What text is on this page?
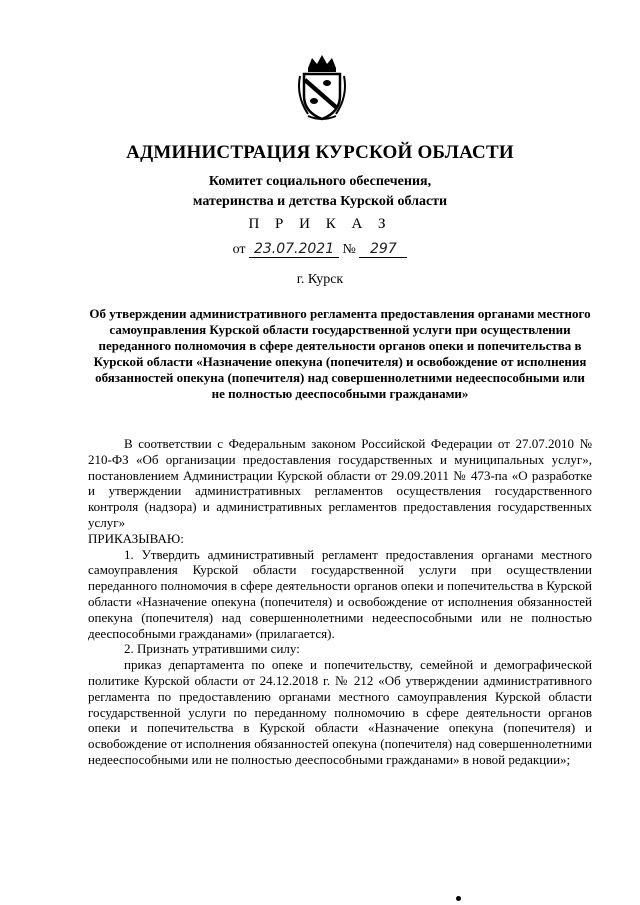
АДМИНИСТРАЦИЯ КУРСКОЙ ОБЛАСТИ
Комитет социального обеспечения,
материнства и детства Курской области
П Р И К А З
от 23.07.2021 № 297
г. Курск
Об утверждении административного регламента предоставления органами местного самоуправления Курской области государственной услуги при осуществлении переданного полномочия в сфере деятельности органов опеки и попечительства в Курской области «Назначение опекуна (попечителя) и освобождение от исполнения обязанностей опекуна (попечителя) над совершеннолетними недееспособными или не полностью дееспособными гражданами»

В соответствии с Федеральным законом Российской Федерации от 27.07.2010 № 210-ФЗ «Об организации предоставления государственных и муниципальных услуг», постановлением Администрации Курской области от 29.09.2011 № 473-па «О разработке и утверждении административных регламентов осуществления государственного контроля (надзора) и административных регламентов предоставления государственных услуг»

ПРИКАЗЫВАЮ:

1. Утвердить административный регламент предоставления органами местного самоуправления Курской области государственной услуги при осуществлении переданного полномочия в сфере деятельности органов опеки и попечительства в Курской области «Назначение опекуна (попечителя) и освобождение от исполнения обязанностей опекуна (попечителя) над совершеннолетними недееспособными или не полностью дееспособными гражданами» (прилагается).

2. Признать утратившими силу:

приказ департамента по опеке и попечительству, семейной и демографической политике Курской области от 24.12.2018 г. № 212 «Об утверждении административного регламента по предоставлению органами местного самоуправления Курской области государственной услуги по переданному полномочию в сфере деятельности органов опеки и попечительства в Курской области «Назначение опекуна (попечителя) и освобождение от исполнения обязанностей опекуна (попечителя) над совершеннолетними недееспособными или не полностью дееспособными гражданами» в новой редакции»;
